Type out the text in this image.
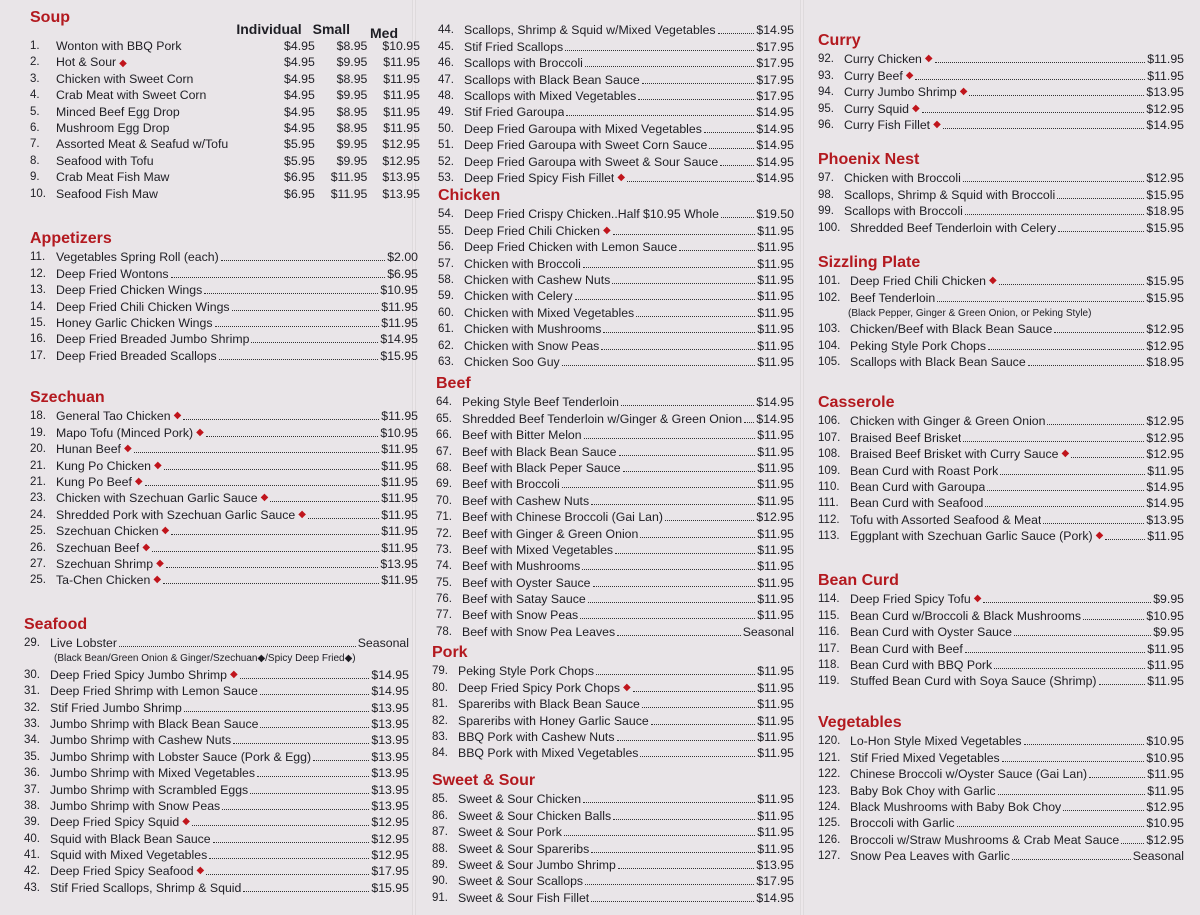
Soup
Individual Small	Med
1.	Wonton with BBQ Pork	$4.95	$8.95	$10.95
2.	Hot & Sour ◆	$4.95	$9.95	$11.95
3.	Chicken with Sweet Corn	$4.95	$8.95	$11.95
4.	Crab Meat with Sweet Corn	$4.95	$9.95	$11.95
5.	Minced Beef Egg Drop	$4.95	$8.95	$11.95
6.	Mushroom Egg Drop	$4.95	$8.95	$11.95
7.	Assorted Meat & Seafud w/Tofu	$5.95	$9.95	$12.95
8.	Seafood with Tofu	$5.95	$9.95	$12.95
9.	Crab Meat Fish Maw	$6.95	$11.95	$13.95
10. Seafood Fish Maw	$6.95	$11.95	$13.95
Appetizers
11. Vegetables Spring Roll (each)	$2.00
12. Deep Fried Wontons	$6.95
13. Deep Fried Chicken Wings	$10.95
14. Deep Fried Chili Chicken Wings	$11.95
15. Honey Garlic Chicken Wings	$11.95
16. Deep Fried Breaded Jumbo Shrimp	$14.95
17. Deep Fried Breaded Scallops	$15.95
Szechuan
18. General Tao Chicken ◆	$11.95
19. Mapo Tofu (Minced Pork) ◆	$10.95
20. Hunan Beef ◆	$11.95
21. Kung Po Chicken ◆	$11.95
21. Kung Po Beef ◆	$11.95
23. Chicken with Szechuan Garlic Sauce ◆	$11.95
24. Shredded Pork with Szechuan Garlic Sauce ◆	$11.95
25. Szechuan Chicken ◆	$11.95
26. Szechuan Beef ◆	$11.95
27. Szechuan Shrimp ◆	$13.95
25. Ta-Chen Chicken ◆	$11.95
Seafood
29. Live Lobster	Seasonal
(Black Bean/Green Onion & Ginger/Szechuan◆/Spicy Deep Fried◆)
30. Deep Fried Spicy Jumbo Shrimp ◆	$14.95
31. Deep Fried Shrimp with Lemon Sauce	$14.95
32. Stif Fried Jumbo Shrimp	$13.95
33. Jumbo Shrimp with Black Bean Sauce	$13.95
34. Jumbo Shrimp with Cashew Nuts	$13.95
35. Jumbo Shrimp with Lobster Sauce (Pork & Egg)	$13.95
36. Jumbo Shrimp with Mixed Vegetables	$13.95
37. Jumbo Shrimp with Scrambled Eggs	$13.95
38. Jumbo Shrimp with Snow Peas	$13.95
39. Deep Fried Spicy Squid ◆	$12.95
40. Squid with Black Bean Sauce	$12.95
41. Squid with Mixed Vegetables	$12.95
42. Deep Fried Spicy Seafood ◆	$17.95
43. Stif Fried Scallops, Shrimp & Squid	$15.95
44. Scallops, Shrimp & Squid w/Mixed Vegetables	$14.95
45. Stif Fried Scallops	$17.95
46. Scallops with Broccoli	$17.95
47. Scallops with Black Bean Sauce	$17.95
48. Scallops with Mixed Vegetables	$17.95
49. Stif Fried Garoupa	$14.95
50. Deep Fried Garoupa with Mixed Vegetables	$14.95
51. Deep Fried Garoupa with Sweet Corn Sauce	$14.95
52. Deep Fried Garoupa with Sweet & Sour Sauce	$14.95
53. Deep Fried Spicy Fish Fillet ◆	$14.95
Chicken
54. Deep Fried Crispy Chicken..Half $10.95 Whole	$19.50
55. Deep Fried Chili Chicken ◆	$11.95
56. Deep Fried Chicken with Lemon Sauce	$11.95
57. Chicken with Broccoli	$11.95
58. Chicken with Cashew Nuts	$11.95
59. Chicken with Celery	$11.95
60. Chicken with Mixed Vegetables	$11.95
61. Chicken with Mushrooms	$11.95
62. Chicken with Snow Peas	$11.95
63. Chicken Soo Guy	$11.95
Beef
64. Peking Style Beef Tenderloin	$14.95
65. Shredded Beef Tenderloin w/Ginger & Green Onion $14.95
66. Beef with Bitter Melon	$11.95
67. Beef with Black Bean Sauce	$11.95
68. Beef with Black Peper Sauce	$11.95
69. Beef with Broccoli	$11.95
70. Beef with Cashew Nuts	$11.95
71. Beef with Chinese Broccoli (Gai Lan)	$12.95
72. Beef with Ginger & Green Onion	$11.95
73. Beef with Mixed Vegetables	$11.95
74. Beef with Mushrooms	$11.95
75. Beef with Oyster Sauce	$11.95
76. Beef with Satay Sauce	$11.95
77. Beef with Snow Peas	$11.95
78. Beef with Snow Pea Leaves	Seasonal
Pork
79. Peking Style Pork Chops	$11.95
80. Deep Fried Spicy Pork Chops ◆	$11.95
81. Spareribs with Black Bean Sauce	$11.95
82. Spareribs with Honey Garlic Sauce	$11.95
83. BBQ Pork with Cashew Nuts	$11.95
84. BBQ Pork with Mixed Vegetables	$11.95
Sweet & Sour
85. Sweet & Sour Chicken	$11.95
86. Sweet & Sour Chicken Balls	$11.95
87. Sweet & Sour Pork	$11.95
88. Sweet & Sour Spareribs	$11.95
89. Sweet & Sour Jumbo Shrimp	$13.95
90. Sweet & Sour Scallops	$17.95
91. Sweet & Sour Fish Fillet	$14.95
Curry
92. Curry Chicken ◆	$11.95
93. Curry Beef ◆	$11.95
94. Curry Jumbo Shrimp ◆	$13.95
95. Curry Squid ◆	$12.95
96. Curry Fish Fillet ◆	$14.95
Phoenix Nest
97. Chicken with Broccoli	$12.95
98. Scallops, Shrimp & Squid with Broccoli	$15.95
99. Scallops with Broccoli	$18.95
100. Shredded Beef Tenderloin with Celery	$15.95
Sizzling Plate
101. Deep Fried Chili Chicken ◆	$15.95
102. Beef Tenderloin	$15.95
(Black Pepper, Ginger & Green Onion, or Peking Style)
103. Chicken/Beef with Black Bean Sauce	$12.95
104. Peking Style Pork Chops	$12.95
105. Scallops with Black Bean Sauce	$18.95
Casserole
106. Chicken with Ginger & Green Onion	$12.95
107. Braised Beef Brisket	$12.95
108. Braised Beef Brisket with Curry Sauce ◆	$12.95
109. Bean Curd with Roast Pork	$11.95
110. Bean Curd with Garoupa	$14.95
111. Bean Curd with Seafood	$14.95
112. Tofu with Assorted Seafood & Meat	$13.95
113. Eggplant with Szechuan Garlic Sauce (Pork) ◆	$11.95
Bean Curd
114. Deep Fried Spicy Tofu ◆	$9.95
115. Bean Curd w/Broccoli & Black Mushrooms	$10.95
116. Bean Curd with Oyster Sauce	$9.95
117. Bean Curd with Beef	$11.95
118. Bean Curd with BBQ Pork	$11.95
119. Stuffed Bean Curd with Soya Sauce (Shrimp)	$11.95
Vegetables
120. Lo-Hon Style Mixed Vegetables	$10.95
121. Stif Fried Mixed Vegetables	$10.95
122. Chinese Broccoli w/Oyster Sauce (Gai Lan)	$11.95
123. Baby Bok Choy with Garlic	$11.95
124. Black Mushrooms with Baby Bok Choy	$12.95
125. Broccoli with Garlic	$10.95
126. Broccoli w/Straw Mushrooms & Crab Meat Sauce $12.95
127. Snow Pea Leaves with Garlic	Seasonal
